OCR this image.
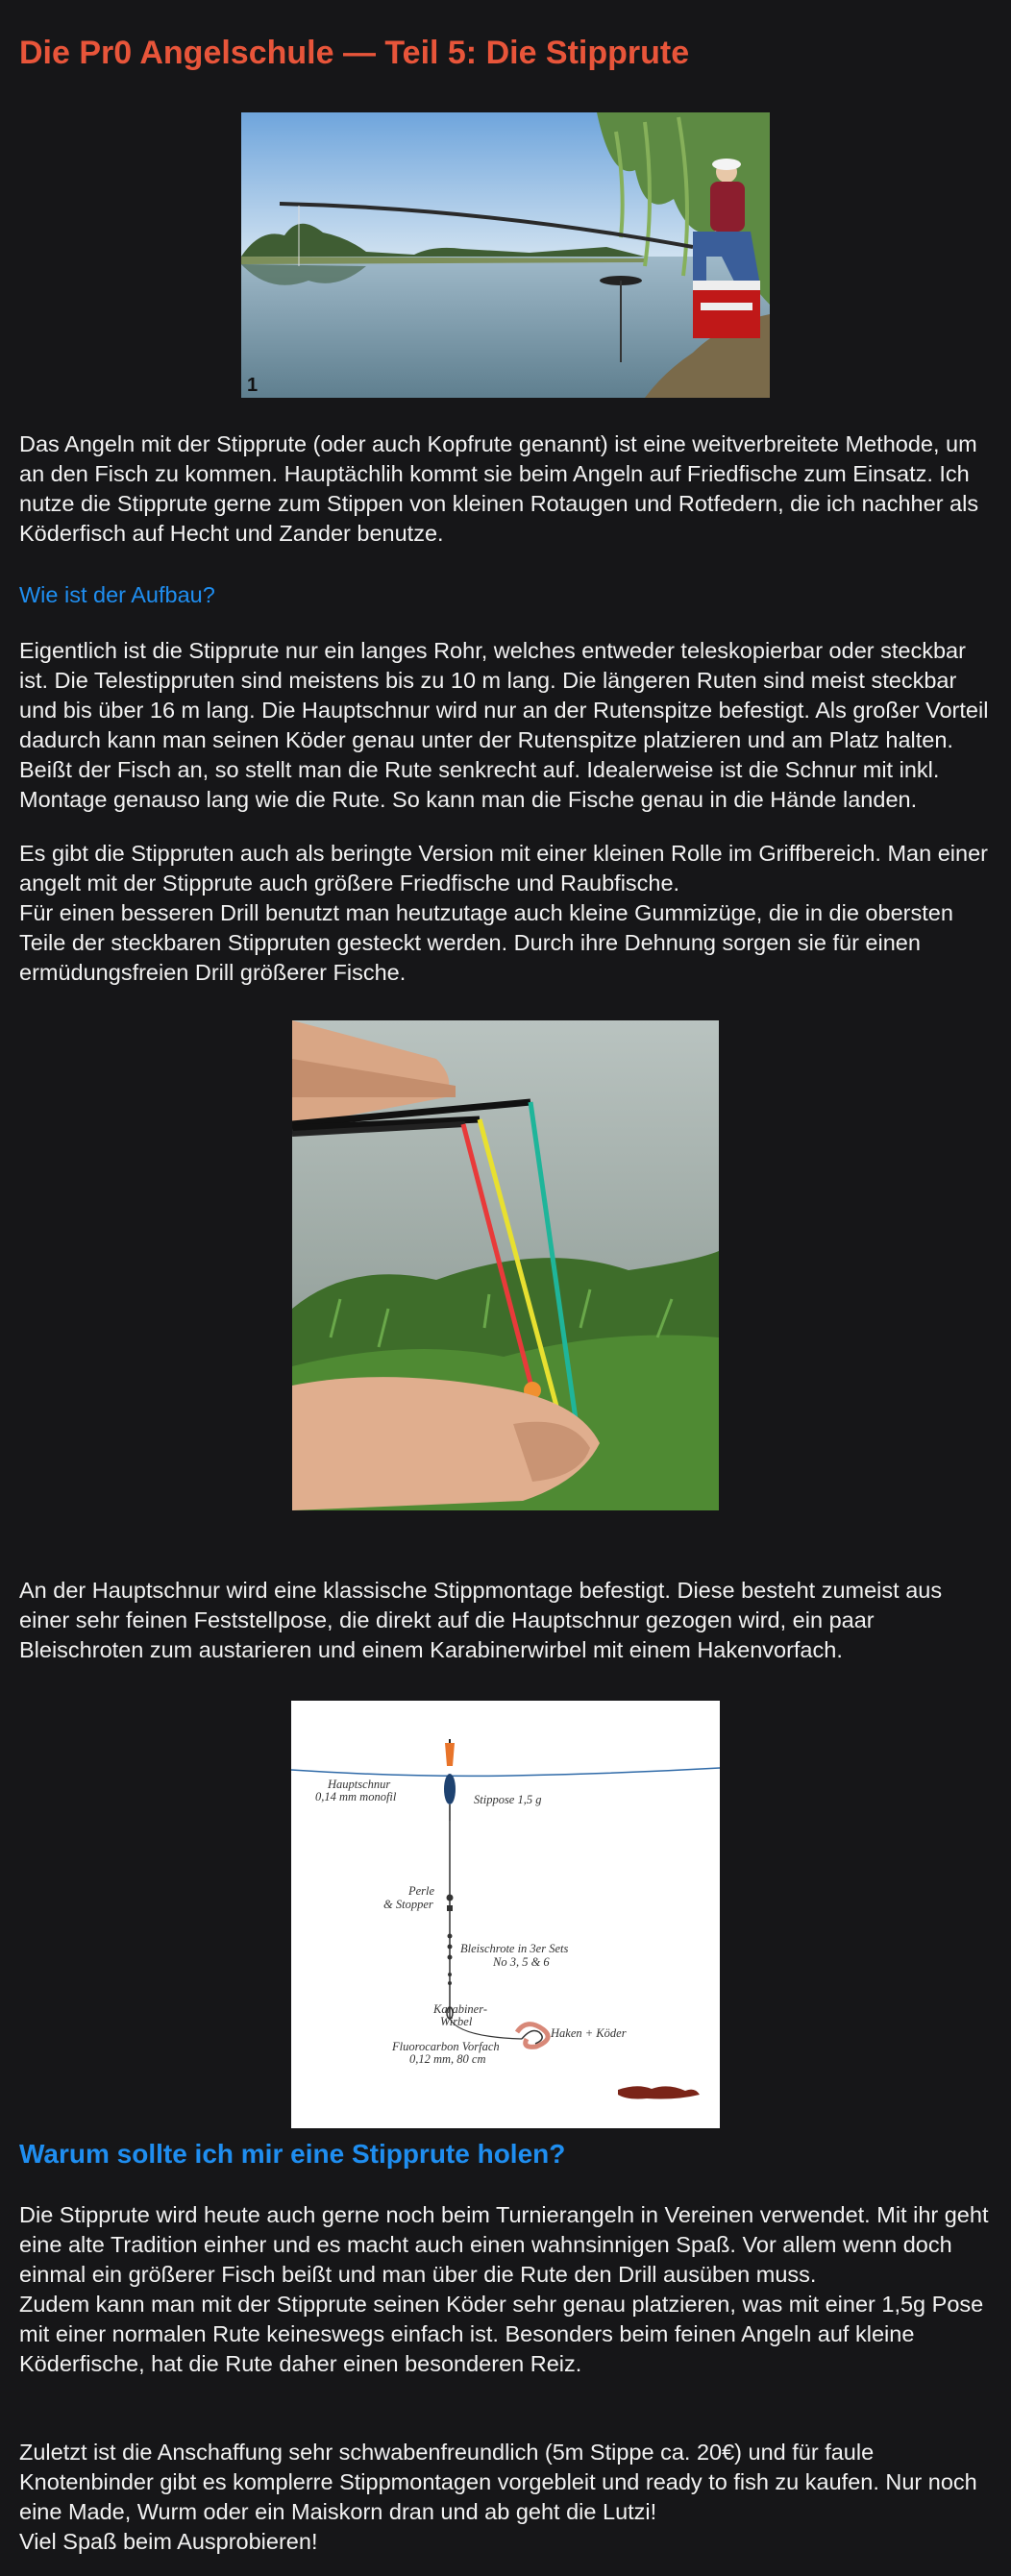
Die Pr0 Angelschule — Teil 5: Die Stipprute
1

Das Angeln mit der Stipprute (oder auch Kopfrute genannt) ist eine weitverbreitete Methode, um an den Fisch zu kommen. Hauptächlih kommt sie beim Angeln auf Friedfische zum Einsatz. Ich nutze die Stipprute gerne zum Stippen von kleinen Rotaugen und Rotfedern, die ich nachher als Köderfisch auf Hecht und Zander benutze.

Wie ist der Aufbau?

Eigentlich ist die Stipprute nur ein langes Rohr, welches entweder teleskopierbar oder steckbar ist. Die Telestippruten sind meistens bis zu 10 m lang. Die längeren Ruten sind meist steckbar und bis über 16 m lang. Die Hauptschnur wird nur an der Rutenspitze befestigt. Als großer Vorteil dadurch kann man seinen Köder genau unter der Rutenspitze platzieren und am Platz halten. Beißt der Fisch an, so stellt man die Rute senkrecht auf. Idealerweise ist die Schnur mit inkl. Montage genauso lang wie die Rute. So kann man die Fische genau in die Hände landen.

Es gibt die Stippruten auch als beringte Version mit einer kleinen Rolle im Griffbereich. Man einer angelt mit der Stipprute auch größere Friedfische und Raubfische.

Für einen besseren Drill benutzt man heutzutage auch kleine Gummizüge, die in die obersten Teile der steckbaren Stippruten gesteckt werden. Durch ihre Dehnung sorgen sie für einen ermüdungsfreien Drill größerer Fische.

An der Hauptschnur wird eine klassische Stippmontage befestigt. Diese besteht zumeist aus einer sehr feinen Feststellpose, die direkt auf die Hauptschnur gezogen wird, ein paar Bleischroten zum austarieren und einem Karabinerwirbel mit einem Hakenvorfach.

Hauptschnur
0,14 mm monofil	Stippose 1,5 g
Perle
& Stopper
Bleischrote in 3er Sets
No 3, 5 & 6
Karabiner-
Wirbel
Haken + Köder
Fluorocarbon Vorfach
0,12 mm, 80 cm
Warum sollte ich mir eine Stipprute holen?

Die Stipprute wird heute auch gerne noch beim Turnierangeln in Vereinen verwendet. Mit ihr geht eine alte Tradition einher und es macht auch einen wahnsinnigen Spaß. Vor allem wenn doch einmal ein größerer Fisch beißt und man über die Rute den Drill ausüben muss.

Zudem kann man mit der Stipprute seinen Köder sehr genau platzieren, was mit einer 1,5g Pose mit einer normalen Rute keineswegs einfach ist. Besonders beim feinen Angeln auf kleine Köderfische, hat die Rute daher einen besonderen Reiz.

Zuletzt ist die Anschaffung sehr schwabenfreundlich (5m Stippe ca. 20€) und für faule Knotenbinder gibt es komplerre Stippmontagen vorgebleit und ready to fish zu kaufen. Nur noch eine Made, Wurm oder ein Maiskorn dran und ab geht die Lutzi!

Viel Spaß beim Ausprobieren!
